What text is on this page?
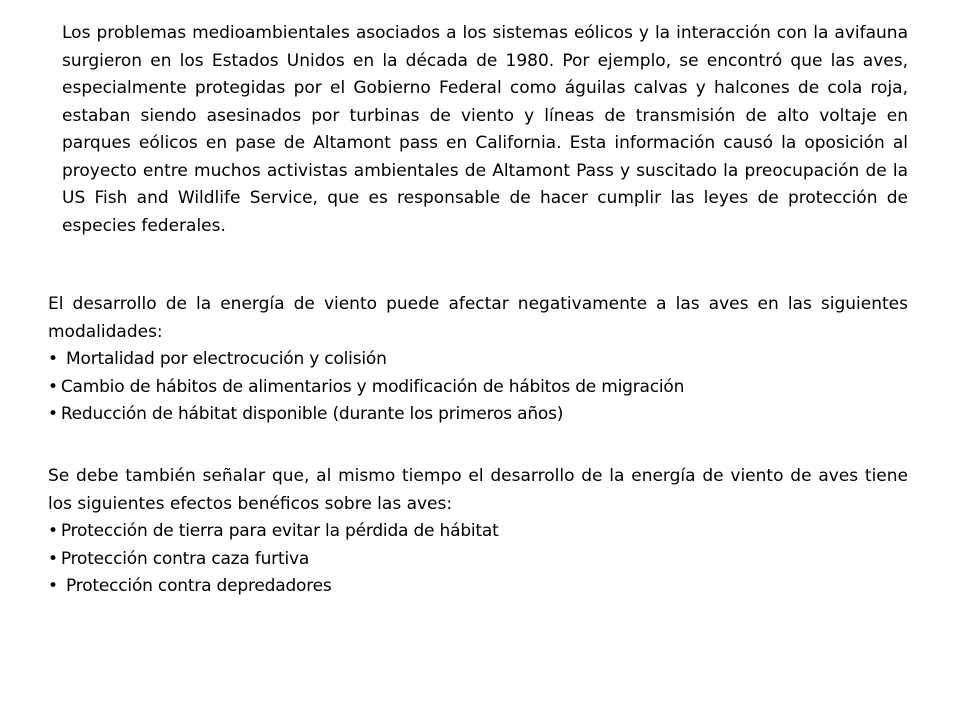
Los problemas medioambientales asociados a los sistemas eólicos y la interacción con la avifauna surgieron en los Estados Unidos en la década de 1980. Por ejemplo, se encontró que las aves, especialmente protegidas por el Gobierno Federal como águilas calvas y halcones de cola roja, estaban siendo asesinados por turbinas de viento y líneas de transmisión de alto voltaje en parques eólicos en pase de Altamont pass en California. Esta información causó la oposición al proyecto entre muchos activistas ambientales de Altamont Pass y suscitado la preocupación de la US Fish and Wildlife Service, que es responsable de hacer cumplir las leyes de protección de especies federales.

El desarrollo de la energía de viento puede afectar negativamente a las aves en las siguientes modalidades:

• Mortalidad por electrocución y colisión
• Cambio de hábitos de alimentarios y modificación de hábitos de migración
• Reducción de hábitat disponible (durante los primeros años)

Se debe también señalar que, al mismo tiempo el desarrollo de la energía de viento de aves tiene los siguientes efectos benéficos sobre las aves:

• Protección de tierra para evitar la pérdida de hábitat
• Protección contra caza furtiva
• Protección contra depredadores
